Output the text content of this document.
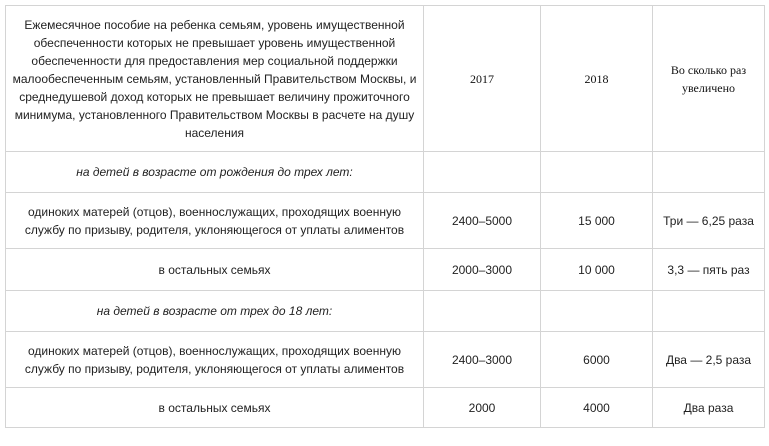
Ежемесячное пособие на ребенка семьям, уровень имущественной обеспеченности которых не превышает уровень имущественной обеспеченности для предоставления мер социальной поддержки малообеспеченным семьям, установленный Правительством Москвы, и среднедушевой доход которых не превышает величину прожиточного минимума, установленного Правительством Москвы в расчете на душу населения	2017	2018	Во сколько раз увеличено
на детей в возрасте от рождения до трех лет:			
одиноких матерей (отцов), военнослужащих, проходящих военную службу по призыву, родителя, уклоняющегося от уплаты алиментов	2400–5000	15 000	Три — 6,25 раза
в остальных семьях	2000–3000	10 000	3,3 — пять раз
на детей в возрасте от трех до 18 лет:			
одиноких матерей (отцов), военнослужащих, проходящих военную службу по призыву, родителя, уклоняющегося от уплаты алиментов	2400–3000	6000	Два — 2,5 раза
в остальных семьях	2000	4000	Два раза
